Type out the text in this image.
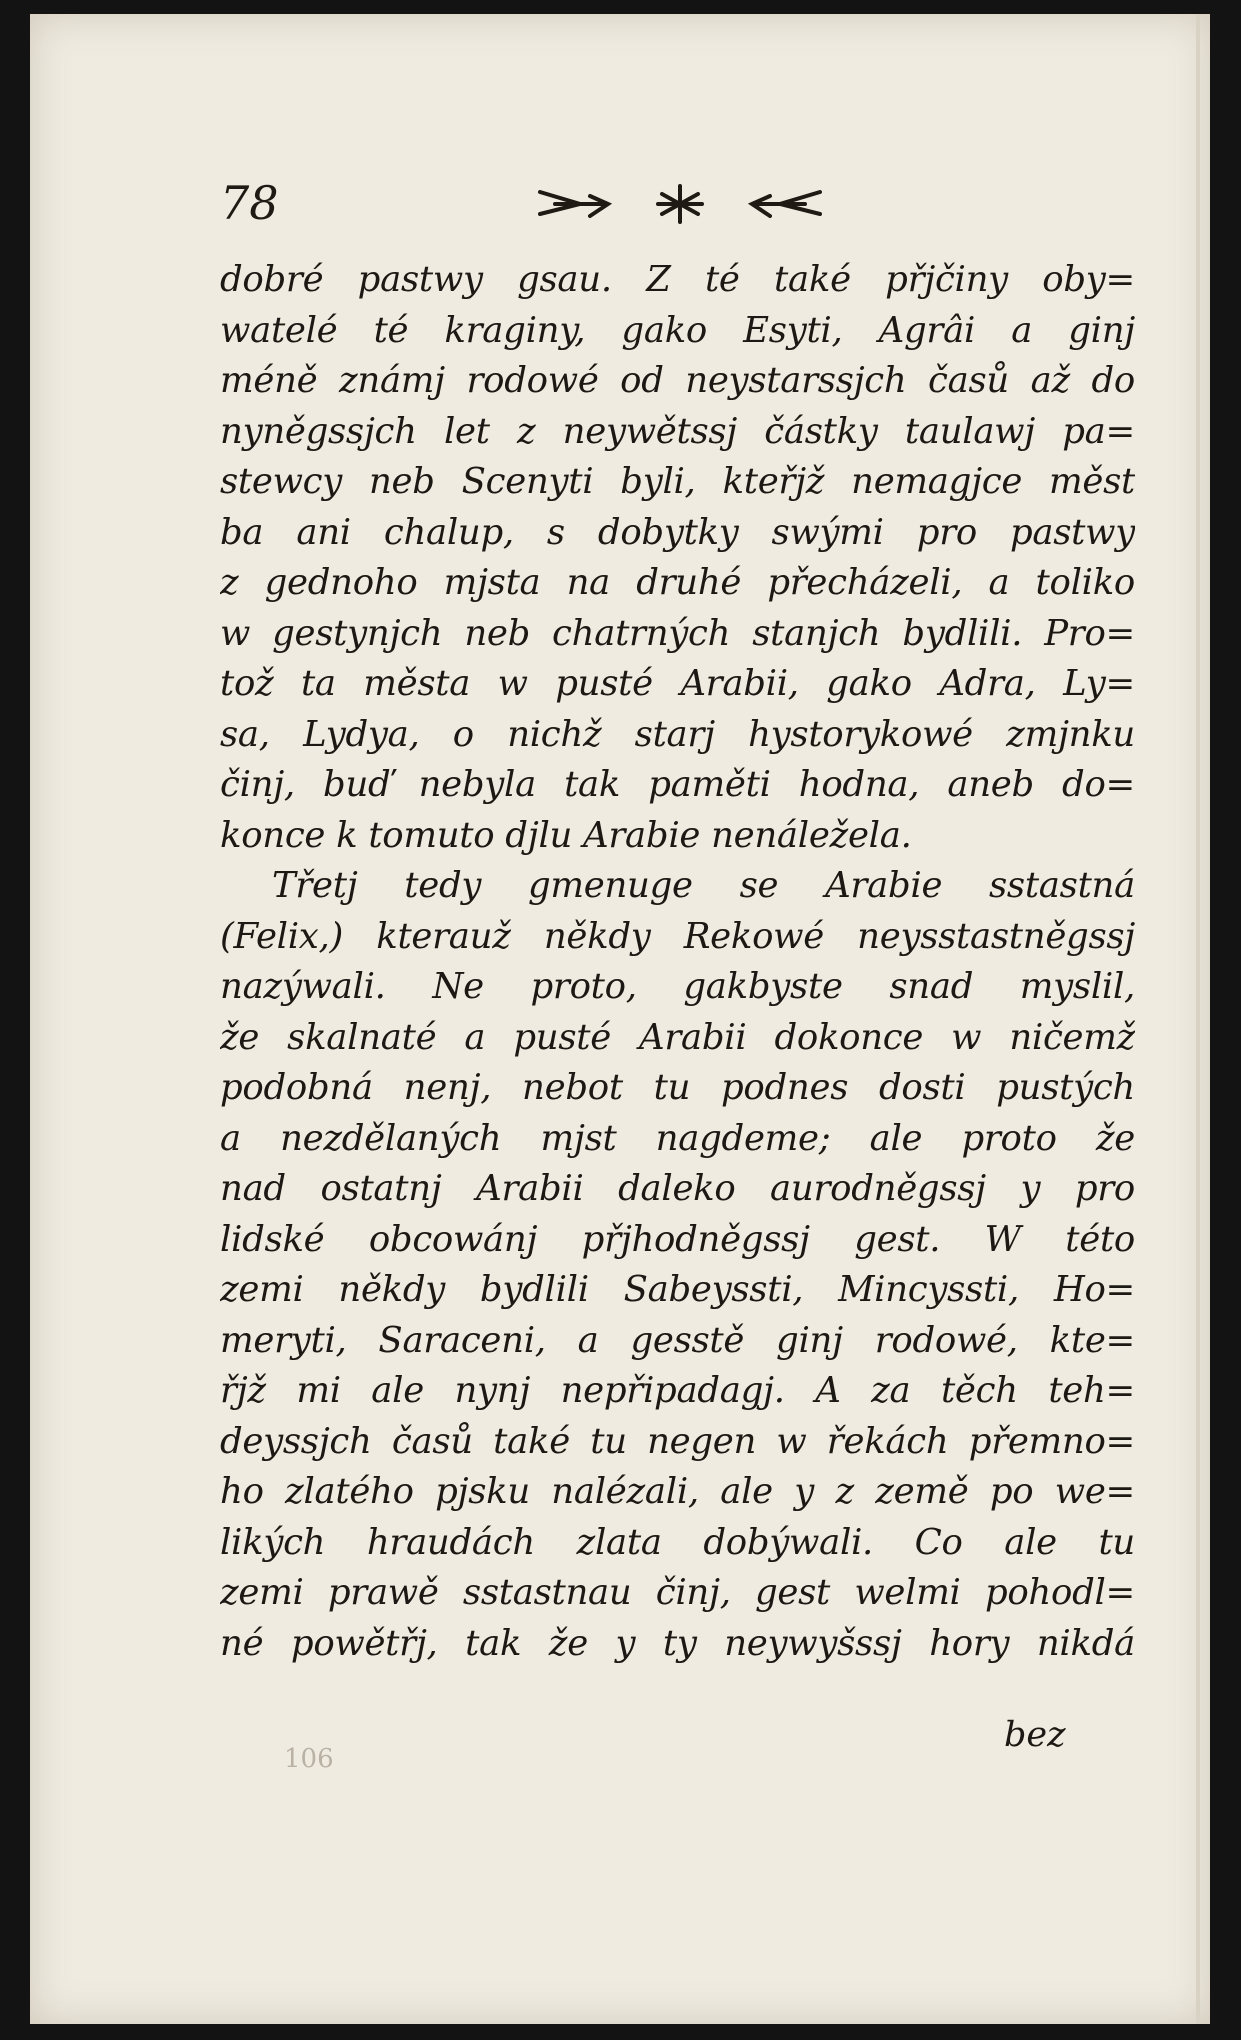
78
dobré pastwy gsau. Z té také přjčiny oby=
watelé té kraginy, gako Esyti, Agrâi a ginj
méně známj rodowé od neystarssjch časů až do
nyněgssjch let z neywětssj částky taulawj pa=
stewcy neb Scenyti byli, kteřjž nemagjce měst
ba ani chalup, s dobytky swými pro pastwy
z gednoho mjsta na druhé přecházeli, a toliko
w gestynjch neb chatrných stanjch bydlili. Pro=
tož ta města w pusté Arabii, gako Adra, Ly=
sa, Lydya, o nichž starj hystorykowé zmjnku
činj, buď nebyla tak paměti hodna, aneb do=
konce k tomuto djlu Arabie nenáležela.
Třetj tedy gmenuge se Arabie sstastná
(Felix,) kterauž někdy Rekowé neysstastněgssj
nazýwali. Ne proto, gakbyste snad myslil,
že skalnaté a pusté Arabii dokonce w ničemž
podobná nenj, nebot tu podnes dosti pustých
a nezdělaných mjst nagdeme; ale proto že
nad ostatnj Arabii daleko aurodněgssj y pro
lidské obcowánj přjhodněgssj gest. W této
zemi někdy bydlili Sabeyssti, Mincyssti, Ho=
meryti, Saraceni, a gesstě ginj rodowé, kte=
řjž mi ale nynj nepřipadagj. A za těch teh=
deyssjch časů také tu negen w řekách přemno=
ho zlatého pjsku nalézali, ale y z země po we=
likých hraudách zlata dobýwali. Co ale tu
zemi prawě sstastnau činj, gest welmi pohodl=
né powětřj, tak že y ty neywyšssj hory nikdá
106
bez
